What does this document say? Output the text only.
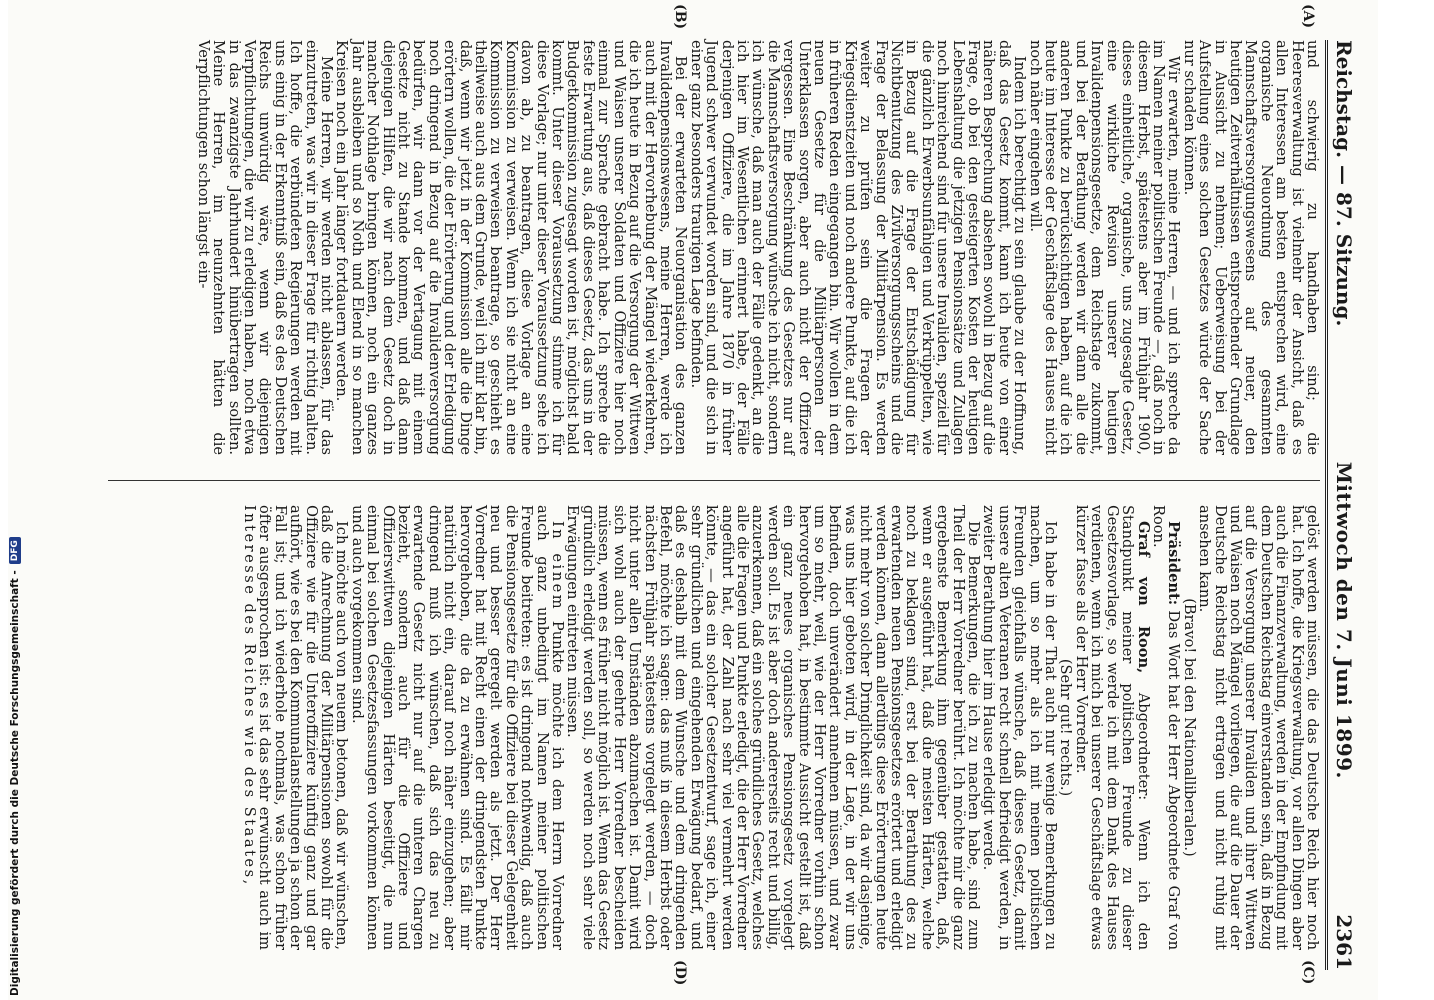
Reichstag. — 87. Sitzung.
Mittwoch den 7. Juni 1899.
2361
(A)
(B)
(C)
(D)

und schwierig zu handhaben sind; die Heeresverwaltung ist vielmehr der Ansicht, daß es allen Interessen am besten entsprechen wird, eine organische Neuordnung des gesammten Mannschaftsversorgungswesens auf neuer, den heutigen Zeitverhältnissen entsprechender Grundlage in Aussicht zu nehmen; Ueberweisung bei der Aufstellung eines solchen Gesetzes würde der Sache nur schaden können.

Wir erwarten, meine Herren, — und ich spreche da im Namen meiner politischen Freunde —, daß noch in diesem Herbst, spätestens aber im Frühjahr 1900, dieses einheitliche, organische, uns zugesagte Gesetz, eine wirkliche Revision unserer heutigen Invalidenpensionsgesetze, dem Reichstage zukommt, und bei der Berathung werden wir dann alle die anderen Punkte zu berücksichtigen haben, auf die ich heute im Interesse der Geschäftslage des Hauses nicht noch näher eingehen will.

Indem ich berechtigt zu sein glaube zu der Hoffnung, daß das Gesetz kommt, kann ich heute von einer näheren Besprechung absehen sowohl in Bezug auf die Frage, ob bei den gesteigerten Kosten der heutigen Lebenshaltung die jetzigen Pensionssätze und Zulagen noch hinreichend sind für unsere Invaliden, speziell für die gänzlich Erwerbsunfähigen und Verkrüppelten, wie in Bezug auf die Frage der Entschädigung für Nichtbenutzung des Zivilversorgungsscheins und die Frage der Belassung der Militärpension. Es werden weiter zu prüfen sein die Fragen der Kriegsdienstzeiten und noch andere Punkte, auf die ich in früheren Reden eingegangen bin. Wir wollen in dem neuen Gesetze für die Militärpersonen der Unterklassen sorgen, aber auch nicht der Offiziere vergessen. Eine Beschränkung des Gesetzes nur auf die Mannschaftsversorgung wünsche ich nicht, sondern ich wünsche, daß man auch der Fälle gedenkt, an die ich hier im Wesentlichen erinnert habe, der Fälle derjenigen Offiziere, die im Jahre 1870 in früher Jugend schwer verwundet worden sind, und die sich in einer ganz besonders traurigen Lage befinden.

Bei der erwarteten Neuorganisation des ganzen Invalidenpensionswesens, meine Herren, werde ich auch mit der Hervorhebung der Mängel wiederkehren, die ich heute in Bezug auf die Versorgung der Wittwen und Waisen unserer Soldaten und Offiziere hier noch einmal zur Sprache gebracht habe. Ich spreche die feste Erwartung aus, daß dieses Gesetz, das uns in der Budgetkommission zugesagt worden ist, möglichst bald kommt. Unter dieser Voraussetzung stimme ich für diese Vorlage; nur unter dieser Voraussetzung sehe ich davon ab, zu beantragen, diese Vorlage an eine Kommission zu verweisen. Wenn ich sie nicht an eine Kommission zu verweisen beantrage, so geschieht es theilweise auch aus dem Grunde, weil ich mir klar bin, daß, wenn wir jetzt in der Kommission alle die Dinge erörtern wollen, die der Erörterung und der Erledigung noch dringend in Bezug auf die Invalidenversorgung bedürfen, wir dann vor der Vertagung mit einem Gesetze nicht zu Stande kommen, und daß dann diejenigen Hilfen, die wir nach dem Gesetz doch in mancher Nothlage bringen können, noch ein ganzes Jahr ausbleiben und so Noth und Elend in so manchen Kreisen noch ein Jahr länger fortdauern werden.

Meine Herren, wir werden nicht ablassen, für das einzutreten, was wir in dieser Frage für richtig halten. Ich hoffe, die verbündeten Regierungen werden mit uns einig in der Erkenntniß sein, daß es des Deutschen Reichs unwürdig wäre, wenn wir diejenigen Verpflichtungen, die wir zu erledigen haben, noch etwa in das zwanzigste Jahrhundert hinübertragen sollten. Meine Herren, im neunzehnten hätten die Verpflichtungen schon längst ein-

gelöst werden müssen, die das Deutsche Reich hier noch hat. Ich hoffe, die Kriegsverwaltung, vor allen Dingen aber auch die Finanzverwaltung, werden in der Empfindung mit dem Deutschen Reichstag einverstanden sein, daß in Bezug auf die Versorgung unserer Invaliden und ihrer Wittwen und Waisen noch Mängel vorliegen, die auf die Dauer der Deutsche Reichstag nicht ertragen und nicht ruhig mit ansehen kann.

(Bravo! bei den Nationalliberalen.)

Präsident: Das Wort hat der Herr Abgeordnete Graf von Roon.

Graf von Roon, Abgeordneter: Wenn ich den Standpunkt meiner politischen Freunde zu dieser Gesetzesvorlage, so werde ich mit dem Dank des Hauses verdienen, wenn ich mich bei unserer Geschäftslage etwas kürzer fasse als der Herr Vorredner.

(Sehr gut! rechts.)

Ich habe in der That auch nur wenige Bemerkungen zu machen, um so mehr als ich mit meinen politischen Freunden gleichfalls wünsche, daß dieses Gesetz, damit unsere alten Veteranen recht schnell befriedigt werden, in zweiter Berathung hier im Hause erledigt werde.

Die Bemerkungen, die ich zu machen habe, sind zum Theil der Herr Vorredner berührt. Ich möchte mir die ganz ergebenste Bemerkung ihm gegenüber gestatten, daß, wenn er ausgeführt hat, daß die meisten Härten, welche noch zu beklagen sind, erst bei der Berathung des zu erwartenden neuen Pensionsgesetzes erörtert und erledigt werden können, dann allerdings diese Erörterungen heute nicht mehr von solcher Dringlichkeit sind, da wir dasjenige, was uns hier geboten wird, in der Lage, in der wir uns befinden, doch unverändert annehmen müssen, und zwar um so mehr, weil, wie der Herr Vorredner vorhin schon hervorgehoben hat, in bestimmte Aussicht gestellt ist, daß ein ganz neues organisches Pensionsgesetz vorgelegt werden soll. Es ist aber doch andererseits recht und billig, anzuerkennen, daß ein solches gründliches Gesetz, welches alle die Fragen und Punkte erledigt, die der Herr Vorredner angeführt hat, der Zahl nach sehr viel vermehrt werden könnte, — das ein solcher Gesetzentwurf, sage ich, einer sehr gründlichen und eingehenden Erwägung bedarf, und daß es deshalb mit dem Wunsche und dem dringenden Befehl, möchte ich sagen: das muß in diesem Herbst oder nächsten Frühjahr spätestens vorgelegt werden, — doch nicht unter allen Umständen abzumachen ist. Damit wird sich wohl auch der geehrte Herr Vorredner bescheiden müssen, wenn es früher nicht möglich ist. Wenn das Gesetz gründlich erledigt werden soll, so werden noch sehr viele Erwägungen eintreten müssen.

In einem Punkte möchte ich dem Herrn Vorredner auch ganz unbedingt im Namen meiner politischen Freunde beitreten: es ist dringend nothwendig, daß auch die Pensionsgesetze für die Offiziere bei dieser Gelegenheit neu und besser geregelt werden als jetzt. Der Herr Vorredner hat mit Recht einen der dringendsten Punkte hervorgehoben, die da zu erwähnen sind. Es fällt mir natürlich nicht ein, darauf noch näher einzugehen; aber dringend muß ich wünschen, daß sich das neu zu erwartende Gesetz nicht nur auf die unteren Chargen bezieht, sondern auch für die Offiziere und Offizierswittwen diejenigen Härten beseitigt, die nun einmal bei solchen Gesetzesfassungen vorkommen können und auch vorgekommen sind.

Ich möchte auch von neuem betonen, daß wir wünschen, daß die Anrechnung der Militärpensionen sowohl für die Offiziere wie für die Unteroffiziere künftig ganz und gar aufhört, wie es bei den Kommunalanstellungen ja schon der Fall ist; und ich wiederhole nochmals, was schon früher öfter ausgesprochen ist: es ist das sehr erwünscht auch im Interesse des Reiches wie des Staates,

Digitalisierung gefördert durch die Deutsche Forschungsgemeinschaft -
DFG
